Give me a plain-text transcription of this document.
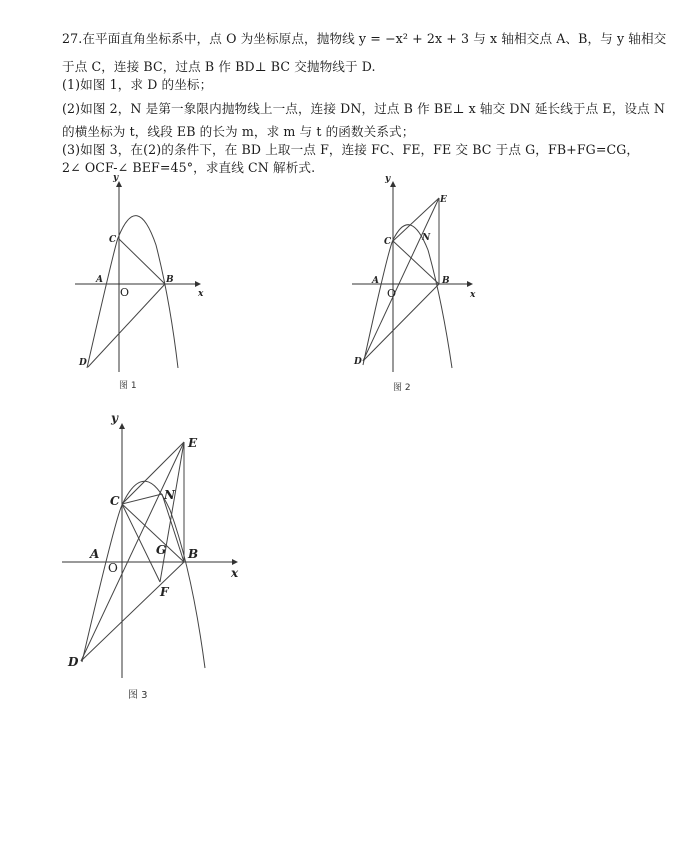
27.在平面直角坐标系中，点 O 为坐标原点，抛物线 y = −x² + 2x + 3 与 x 轴相交点 A、B，与 y 轴相交
于点 C，连接 BC，过点 B 作 BD⊥ BC 交抛物线于 D.
(1)如图 1，求 D 的坐标；
(2)如图 2，N 是第一象限内抛物线上一点，连接 DN，过点 B 作 BE⊥ x 轴交 DN 延长线于点 E，设点 N
的横坐标为 t，线段 EB 的长为 m，求 m 与 t 的函数关系式；
(3)如图 3，在(2)的条件下，在 BD 上取一点 F，连接 FC、FE，FE 交 BC 于点 G，FB+FG=CG，
2∠ OCF-∠ BEF=45°，求直线 CN 解析式.
y
x
C
A	B
O
D
图 1
y
x
C
A	B
O
D
E
N
图 2
y
x
C
A	B
O
D
E
N
G
F
图 3
